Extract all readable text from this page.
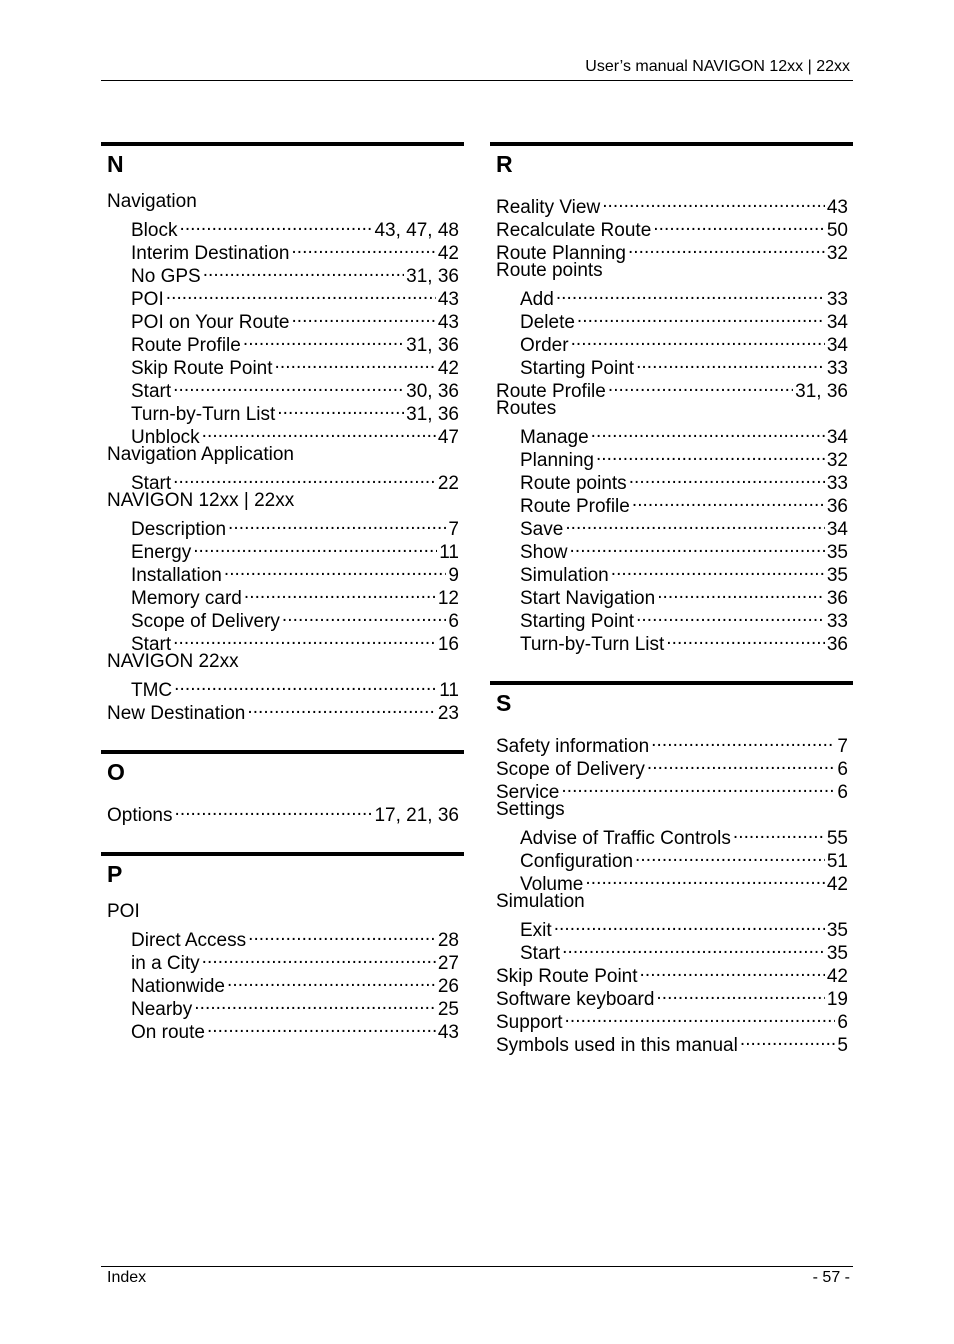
User’s manual NAVIGON 12xx | 22xx
N
Navigation
Block . . .	43, 47, 48
Interim Destination . . .	42
No GPS . . .	31, 36
POI . . .	43
POI on Your Route . . .	43
Route Profile . . .	31, 36
Skip Route Point . . .	42
Start . . .	30, 36
Turn-by-Turn List . . .	31, 36
Unblock . . .	47
Navigation Application
Start . . .	22
NAVIGON 12xx | 22xx
Description . . .	7
Energy . . .	11
Installation . . .	9
Memory card . . .	12
Scope of Delivery . . .	6
Start . . .	16
NAVIGON 22xx
TMC . . .	11
New Destination . . .	23
O
Options . . .	17, 21, 36
P
POI
Direct Access . . .	28
in a City . . .	27
Nationwide . . .	26
Nearby . . .	25
On route . . .	43
R
Reality View . . .	43
Recalculate Route . . .	50
Route Planning . . .	32
Route points
Add . . .	33
Delete . . .	34
Order . . .	34
Starting Point . . .	33
Route Profile . . .	31, 36
Routes
Manage . . .	34
Planning . . .	32
Route points . . .	33
Route Profile . . .	36
Save . . .	34
Show . . .	35
Simulation . . .	35
Start Navigation . . .	36
Starting Point . . .	33
Turn-by-Turn List . . .	36
S
Safety information . . .	7
Scope of Delivery . . .	6
Service . . .	6
Settings
Advise of Traffic Controls . . .	55
Configuration . . .	51
Volume . . .	42
Simulation
Exit . . .	35
Start . . .	35
Skip Route Point . . .	42
Software keyboard . . .	19
Support . . .	6
Symbols used in this manual . . .	5
Index	- 57 -
